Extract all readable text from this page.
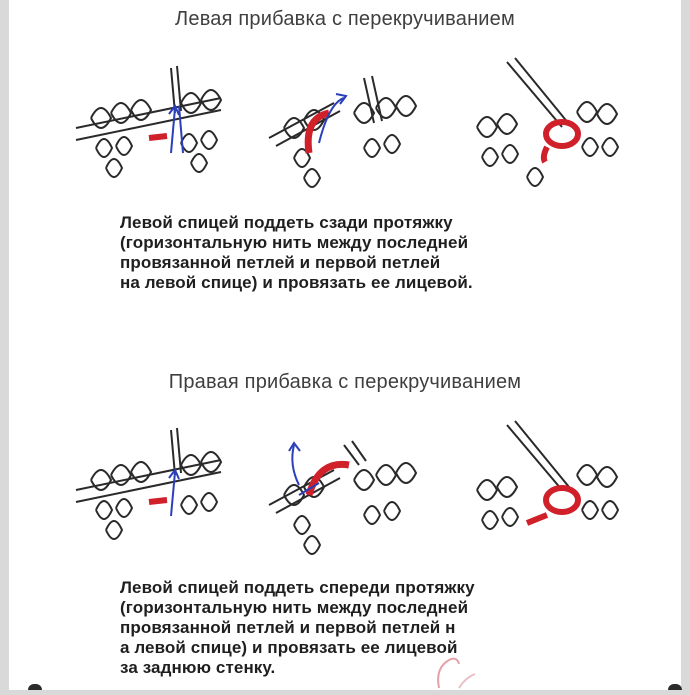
Левая прибавка с перекручиванием
Левой спицей поддеть сзади протяжку
(горизонтальную нить между последней
провязанной петлей и первой петлей
на левой спице) и провязать ее лицевой.
Правая прибавка с перекручиванием
Левой спицей поддеть спереди протяжку
(горизонтальную нить между последней
провязанной петлей и первой петлей н
а левой спице) и провязать ее лицевой
за заднюю стенку.
